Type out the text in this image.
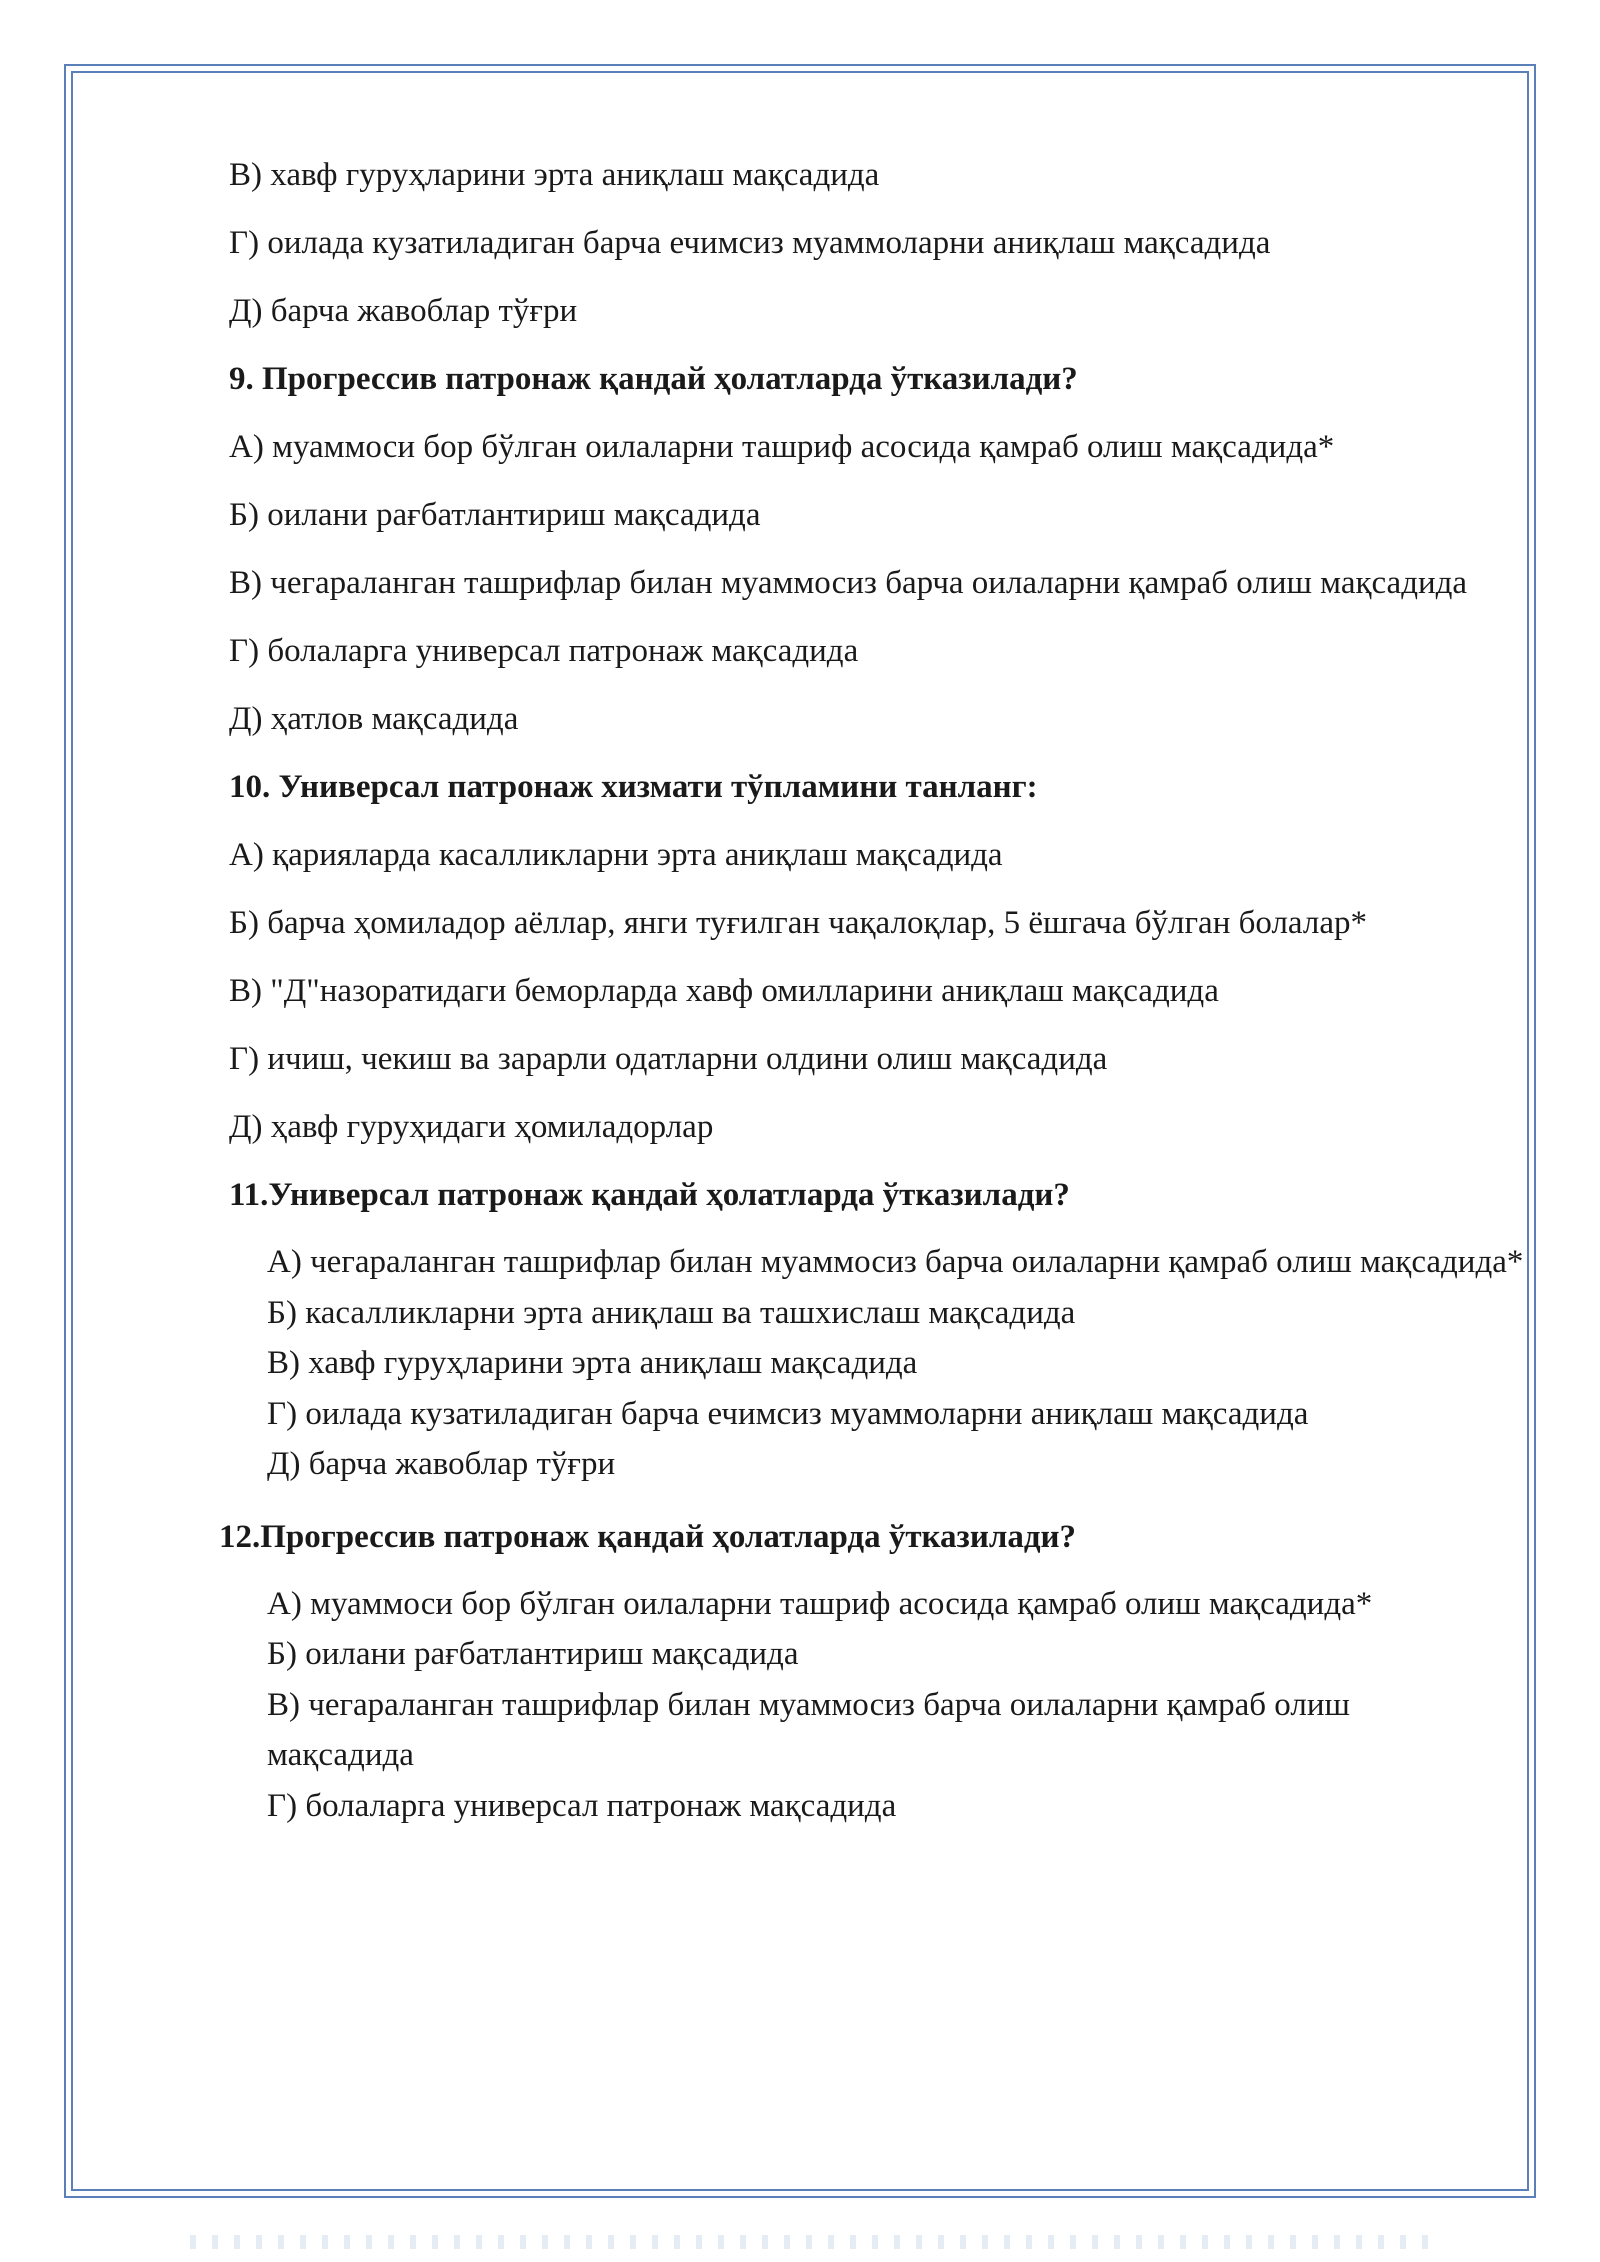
В) хавф гуруҳларини эрта аниқлаш мақсадида

Г) оилада кузатиладиган барча ечимсиз муаммоларни аниқлаш мақсадида

Д) барча жавоблар тўғри

9. Прогрессив патронаж қандай ҳолатларда ўтказилади?

А) муаммоси бор бўлган оилаларни ташриф асосида қамраб олиш мақсадида*

Б) оилани рағбатлантириш мақсадида

В) чегараланган ташрифлар билан муаммосиз барча оилаларни қамраб олиш мақсадида

Г) болаларга универсал патронаж мақсадида

Д) ҳатлов мақсадида

10. Универсал патронаж хизмати тўпламини танланг:

А) қарияларда касалликларни эрта аниқлаш мақсадида

Б) барча ҳомиладор аёллар, янги туғилган чақалоқлар, 5 ёшгача бўлган болалар*

В) "Д"назоратидаги беморларда хавф омилларини аниқлаш мақсадида

Г) ичиш, чекиш ва зарарли одатларни олдини олиш мақсадида

Д) ҳавф гуруҳидаги ҳомиладорлар

11.Универсал патронаж қандай ҳолатларда ўтказилади?

А) чегараланган ташрифлар билан муаммосиз барча оилаларни қамраб олиш мақсадида*

Б) касалликларни эрта аниқлаш ва ташхислаш мақсадида

В) хавф гуруҳларини эрта аниқлаш мақсадида

Г) оилада кузатиладиган барча ечимсиз муаммоларни аниқлаш мақсадида

Д) барча жавоблар тўғри

12.Прогрессив патронаж қандай ҳолатларда ўтказилади?

А) муаммоси бор бўлган оилаларни ташриф асосида қамраб олиш мақсадида*

Б) оилани рағбатлантириш мақсадида

В) чегараланган ташрифлар билан муаммосиз барча оилаларни қамраб олиш мақсадида

Г) болаларга универсал патронаж мақсадида
